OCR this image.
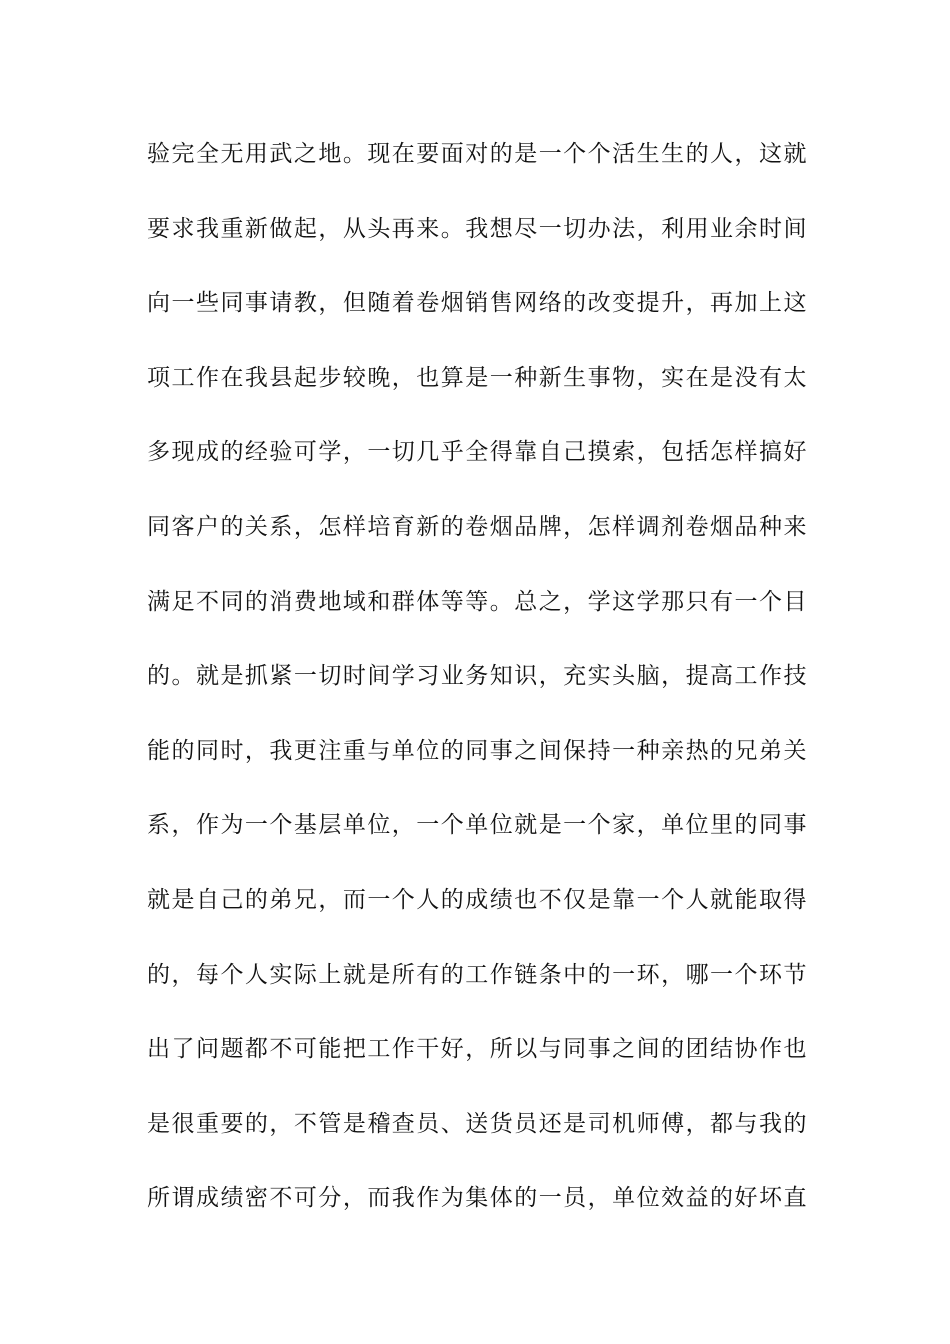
验完全无用武之地。现在要面对的是一个个活生生的人，这就
要求我重新做起，从头再来。我想尽一切办法，利用业余时间
向一些同事请教，但随着卷烟销售网络的改变提升，再加上这
项工作在我县起步较晚，也算是一种新生事物，实在是没有太
多现成的经验可学，一切几乎全得靠自己摸索，包括怎样搞好
同客户的关系，怎样培育新的卷烟品牌，怎样调剂卷烟品种来
满足不同的消费地域和群体等等。总之，学这学那只有一个目
的。就是抓紧一切时间学习业务知识，充实头脑，提高工作技
能的同时，我更注重与单位的同事之间保持一种亲热的兄弟关
系，作为一个基层单位，一个单位就是一个家，单位里的同事
就是自己的弟兄，而一个人的成绩也不仅是靠一个人就能取得
的，每个人实际上就是所有的工作链条中的一环，哪一个环节
出了问题都不可能把工作干好，所以与同事之间的团结协作也
是很重要的，不管是稽查员、送货员还是司机师傅，都与我的
所谓成绩密不可分，而我作为集体的一员，单位效益的好坏直
